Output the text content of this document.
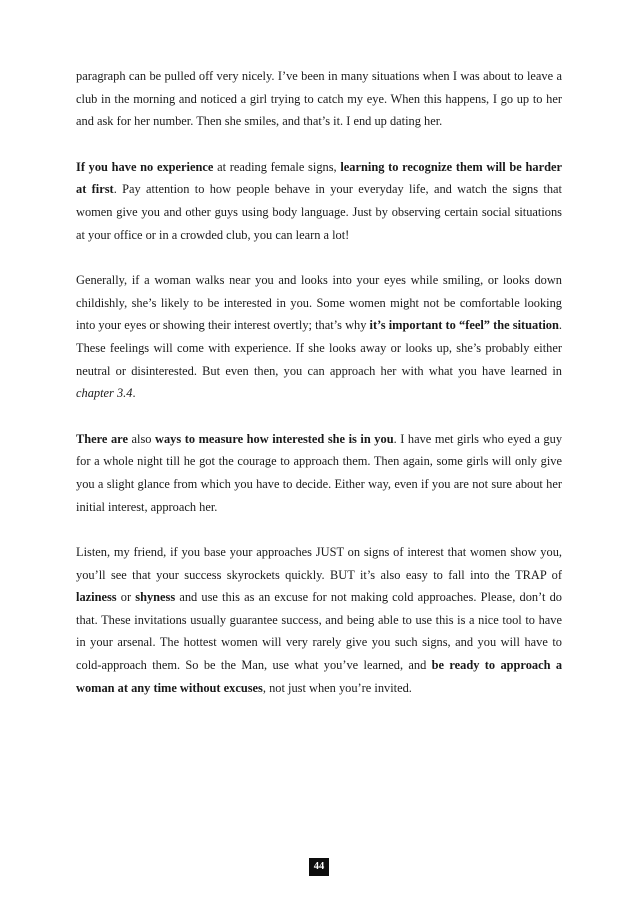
paragraph can be pulled off very nicely. I’ve been in many situations when I was about to leave a club in the morning and noticed a girl trying to catch my eye. When this happens, I go up to her and ask for her number. Then she smiles, and that’s it. I end up dating her.

If you have no experience at reading female signs, learning to recognize them will be harder at first. Pay attention to how people behave in your everyday life, and watch the signs that women give you and other guys using body language. Just by observing certain social situations at your office or in a crowded club, you can learn a lot!

Generally, if a woman walks near you and looks into your eyes while smiling, or looks down childishly, she’s likely to be interested in you. Some women might not be comfortable looking into your eyes or showing their interest overtly; that’s why it’s important to “feel” the situation. These feelings will come with experience. If she looks away or looks up, she’s probably either neutral or disinterested. But even then, you can approach her with what you have learned in chapter 3.4.

There are also ways to measure how interested she is in you. I have met girls who eyed a guy for a whole night till he got the courage to approach them. Then again, some girls will only give you a slight glance from which you have to decide. Either way, even if you are not sure about her initial interest, approach her.

Listen, my friend, if you base your approaches JUST on signs of interest that women show you, you’ll see that your success skyrockets quickly. BUT it’s also easy to fall into the TRAP of laziness or shyness and use this as an excuse for not making cold approaches. Please, don’t do that. These invitations usually guarantee success, and being able to use this is a nice tool to have in your arsenal. The hottest women will very rarely give you such signs, and you will have to cold-approach them. So be the Man, use what you’ve learned, and be ready to approach a woman at any time without excuses, not just when you’re invited.

44
